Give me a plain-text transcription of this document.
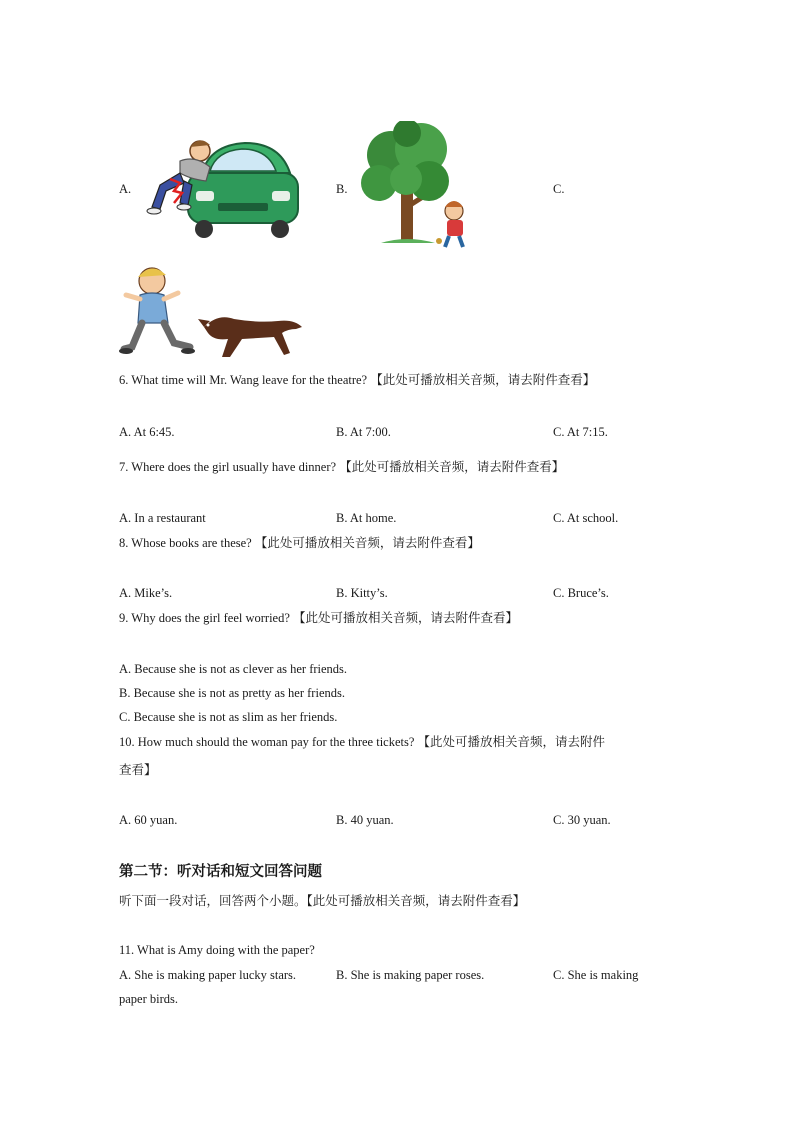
A.	B.	C.
6. What time will Mr. Wang leave for the theatre? 【此处可播放相关音频，请去附件查看】
A. At 6:45.	B. At 7:00.	C. At 7:15.
7. Where does the girl usually have dinner? 【此处可播放相关音频，请去附件查看】
A. In a restaurant	B. At home.	C. At school.
8. Whose books are these? 【此处可播放相关音频，请去附件查看】
A. Mike’s.	B. Kitty’s.	C. Bruce’s.
9. Why does the girl feel worried? 【此处可播放相关音频，请去附件查看】
A. Because she is not as clever as her friends.
B. Because she is not as pretty as her friends.
C. Because she is not as slim as her friends.
10. How much should the woman pay for the three tickets? 【此处可播放相关音频，请去附件
查看】
A. 60 yuan.	B. 40 yuan.	C. 30 yuan.
第二节：听对话和短文回答问题
听下面一段对话，回答两个小题。【此处可播放相关音频，请去附件查看】
11. What is Amy doing with the paper?
A. She is making paper lucky stars.	B. She is making paper roses.	C. She is making
paper birds.
